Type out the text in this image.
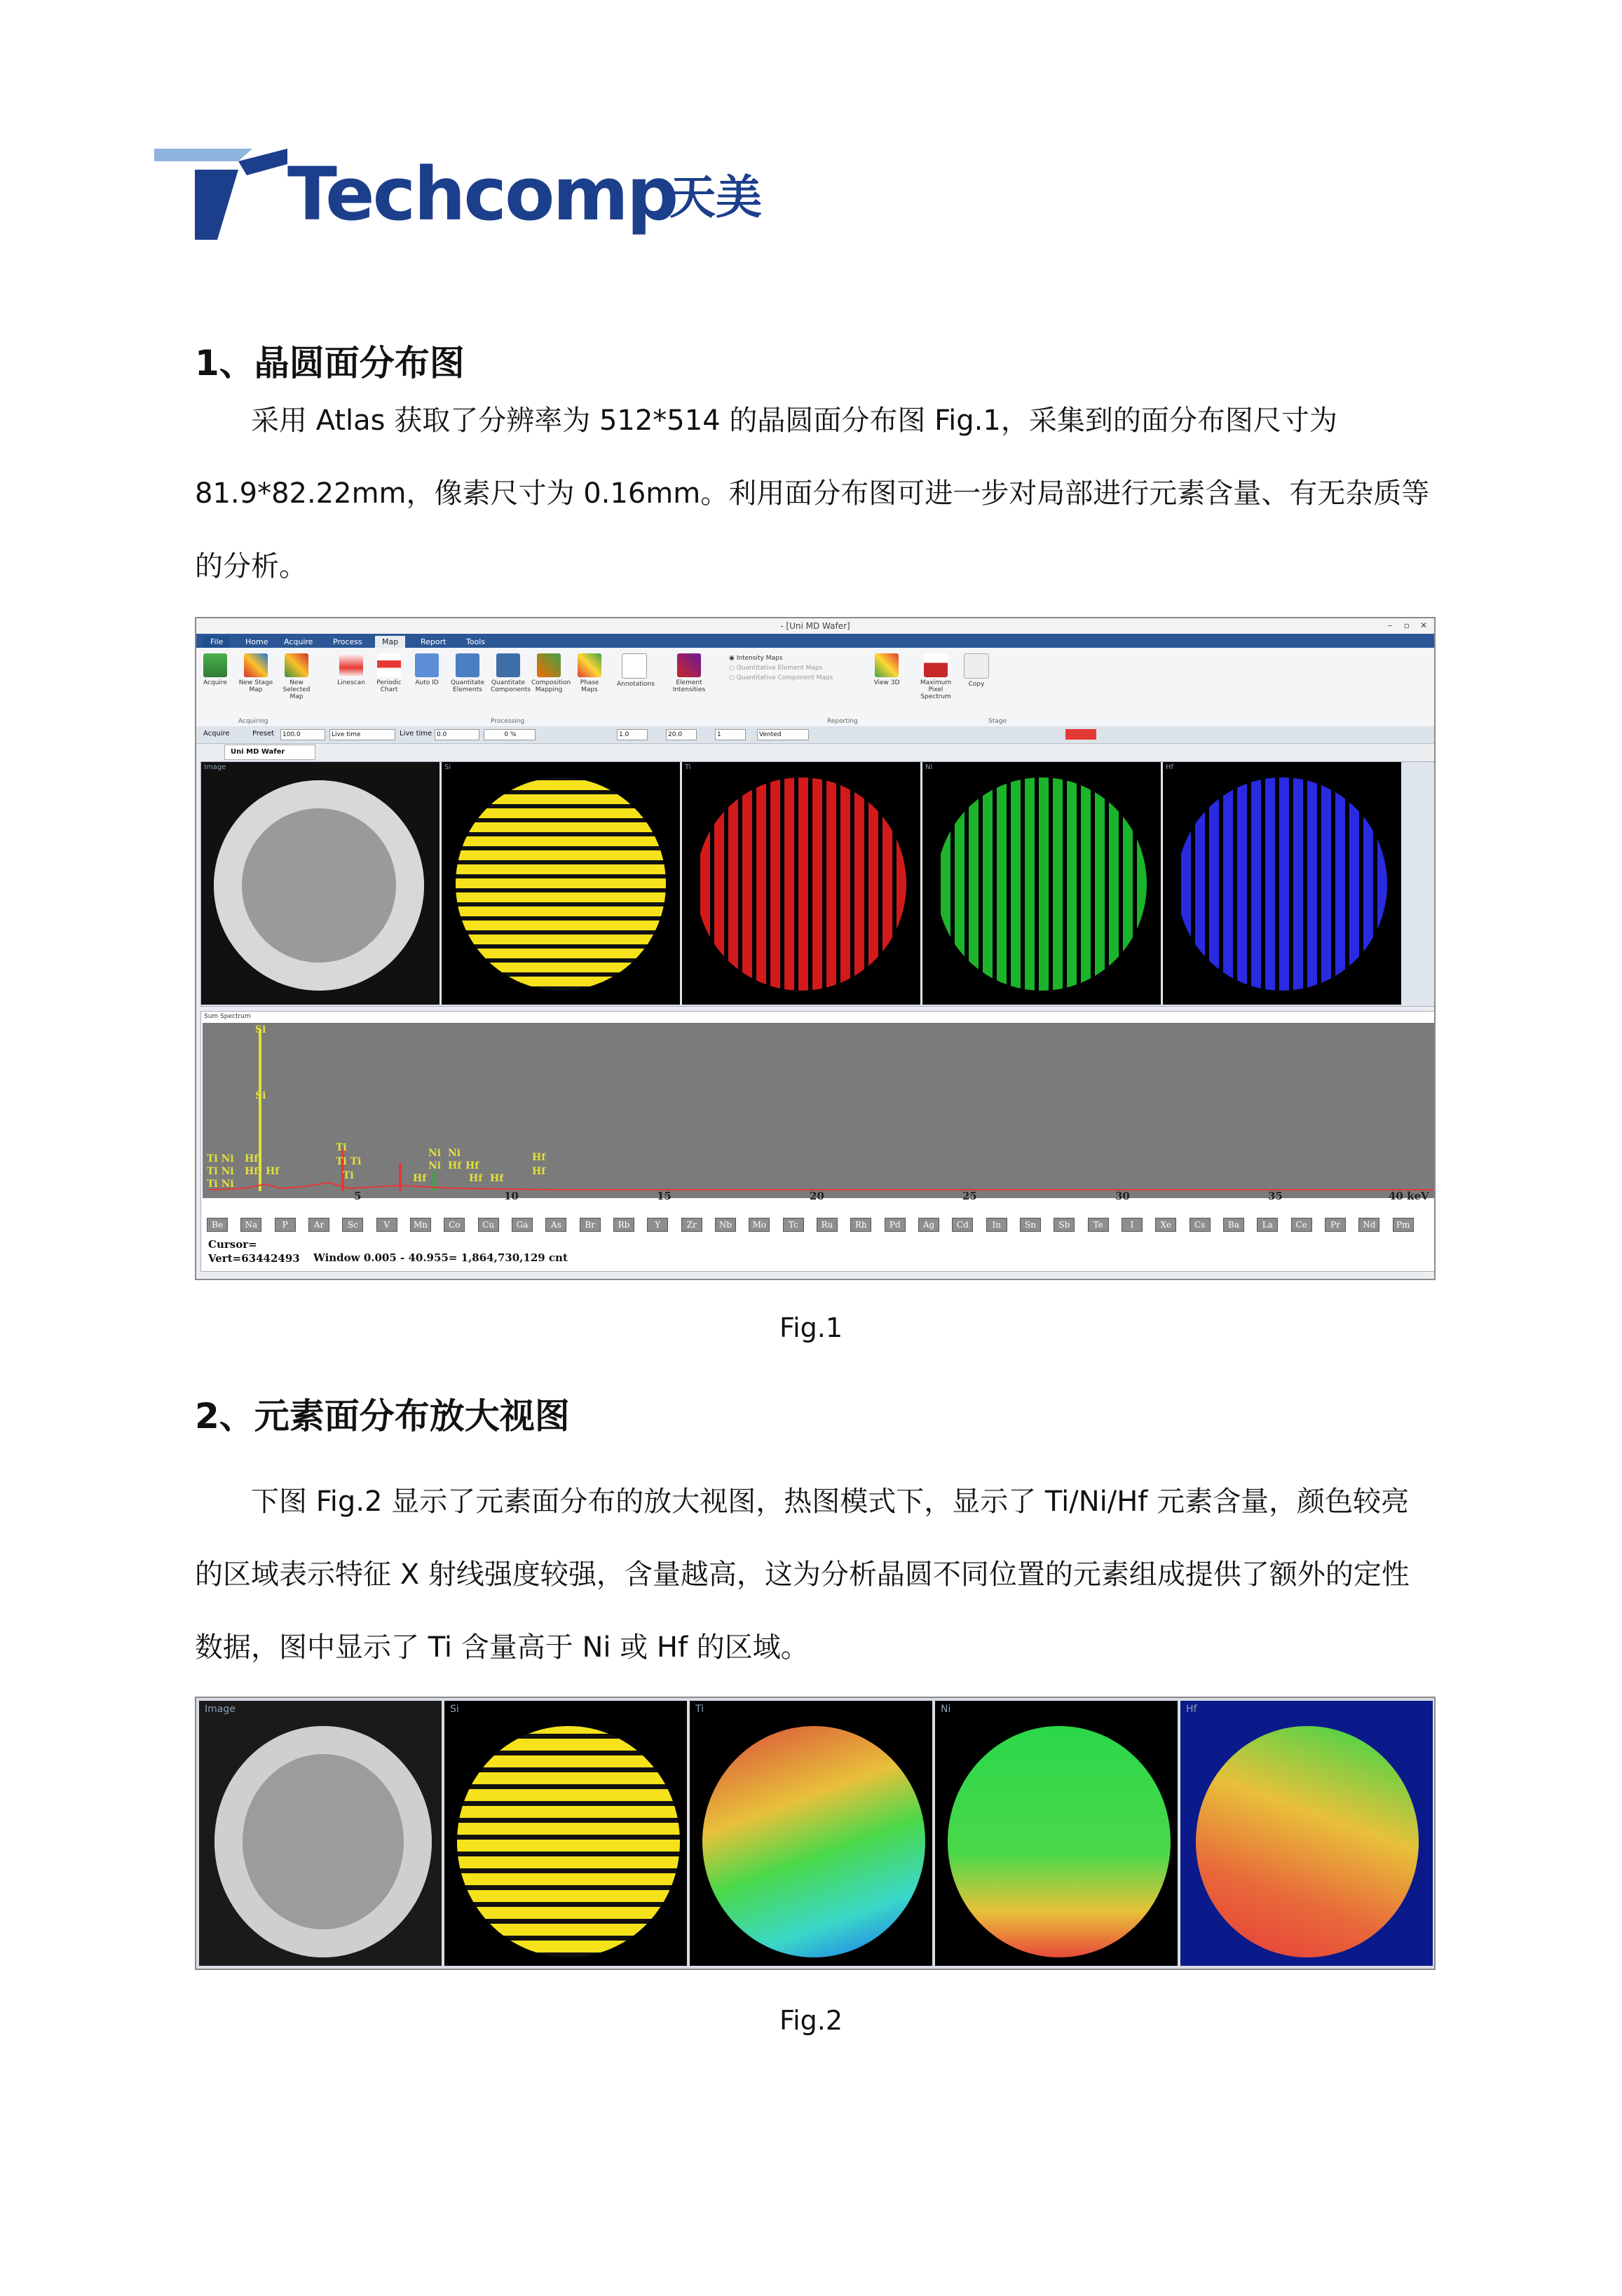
Techcomp
天美
1、晶圆面分布图
采用 Atlas 获取了分辨率为 512*514 的晶圆面分布图 Fig.1，采集到的面分布图尺寸为
81.9*82.22mm，像素尺寸为 0.16mm。利用面分布图可进一步对局部进行元素含量、有无杂质等
的分析。
- [Uni MD Wafer]	– ▫ ✕
File	Home	Acquire	Process	Map	Report	Tools
Acquire	New Stage Map
New Selected Map
Linescan	Periodic Chart
Auto ID	Quantitate Elements
Quantitate Components
Composition Mapping
Phase Maps
Annotations	Element Intensities
◉ Intensity Maps
○ Quantitative Element Maps
○ Quantitative Component Maps
View 3D	Maximum Pixel Spectrum
Copy
Acquiring	Processing	Reporting	Stage
Acquire	Preset	100.0	Live time	Live time 0.0	0 %	1.0	20.0	1	Vented
Uni MD Wafer
Image	Si	Ti	Ni	Hf
Sum Spectrum
Si
Si
Ti
Ti Ti
Ti
Ni Ni
Ni
Hf
Hf Hf	Hf Hf
Hf	Hf Hf
Hf
Hf
Ti Ni
Ti Ni
Ti Ni
5	10	15	20	25	30	35	40 keV
Be	Na	P	Ar	Sc	V	Mn	Co	Cu	Ga	As	Br	Rb	Y	Zr	Nb	Mo	Tc	Ru	Rh	Pd	Ag	Cd	In	Sn	Sb	Te	I	Xe	Cs	Ba	La	Ce	Pr	Nd	Pm
Cursor=
Vert=63442493 Window 0.005 - 40.955= 1,864,730,129 cnt
Fig.1
2、元素面分布放大视图
下图 Fig.2 显示了元素面分布的放大视图，热图模式下，显示了 Ti/Ni/Hf 元素含量，颜色较亮
的区域表示特征 X 射线强度较强，含量越高，这为分析晶圆不同位置的元素组成提供了额外的定性
数据，图中显示了 Ti 含量高于 Ni 或 Hf 的区域。
Image	Si	Ti	Ni	Hf
Fig.2
